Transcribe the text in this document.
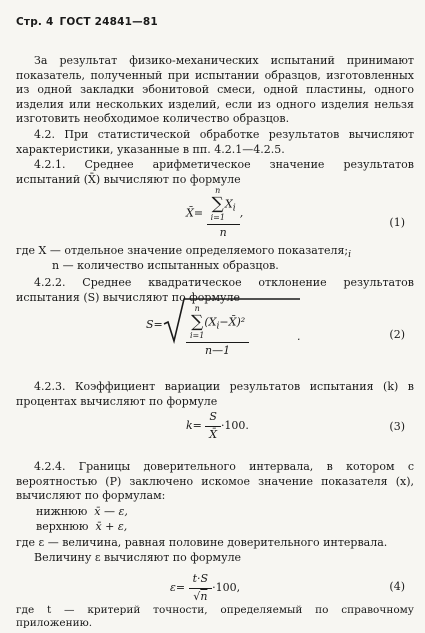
Стр. 4 ГОСТ 24841—81
За результат физико-механических испытаний принимают показатель, полученный при испытании образцов, изготовленных из одной закладки эбонитовой смеси, одной пластины, одного изделия или нескольких изделий, если из одного изделия нельзя изготовить необходимое количество образцов.
4.2. При статистической обработке результатов вычисляют характеристики, указанные в пп. 4.2.1—4.2.5.
4.2.1. Среднее арифметическое значение результатов испытаний (X̄) вычисляют по формуле
X̄= n
∑
i=1
$X_i$
n ,
(1)
где X — отдельное значение определяемого $показателя;_i$
n — количество испытанных образцов.
4.2.2. Среднее квадратическое отклонение результатов испытания (S) вычисляют по формуле
S=	n
∑
i=1
$(X_i-X̄)^2$
n—1	.	(2)
4.2.3. Коэффициент вариации результатов испытания (k) в процентах вычисляют по формуле
$k= \frac{S}{X̄} \cdot 100$.	(3)
4.2.4. Границы доверительного интервала, в котором с вероятностью (P) заключено искомое значение показателя (x), вычисляют по формулам:
нижнюю x̄ — ε,
верхнюю x̄ + ε,
где ε — величина, равная половине доверительного интервала.
Величину ε вычисляют по формуле
$\varepsilon= \frac{t\cdot S}{√n} \cdot 100$,	(4)
где t — критерий точности, определяемый по справочному приложению.
